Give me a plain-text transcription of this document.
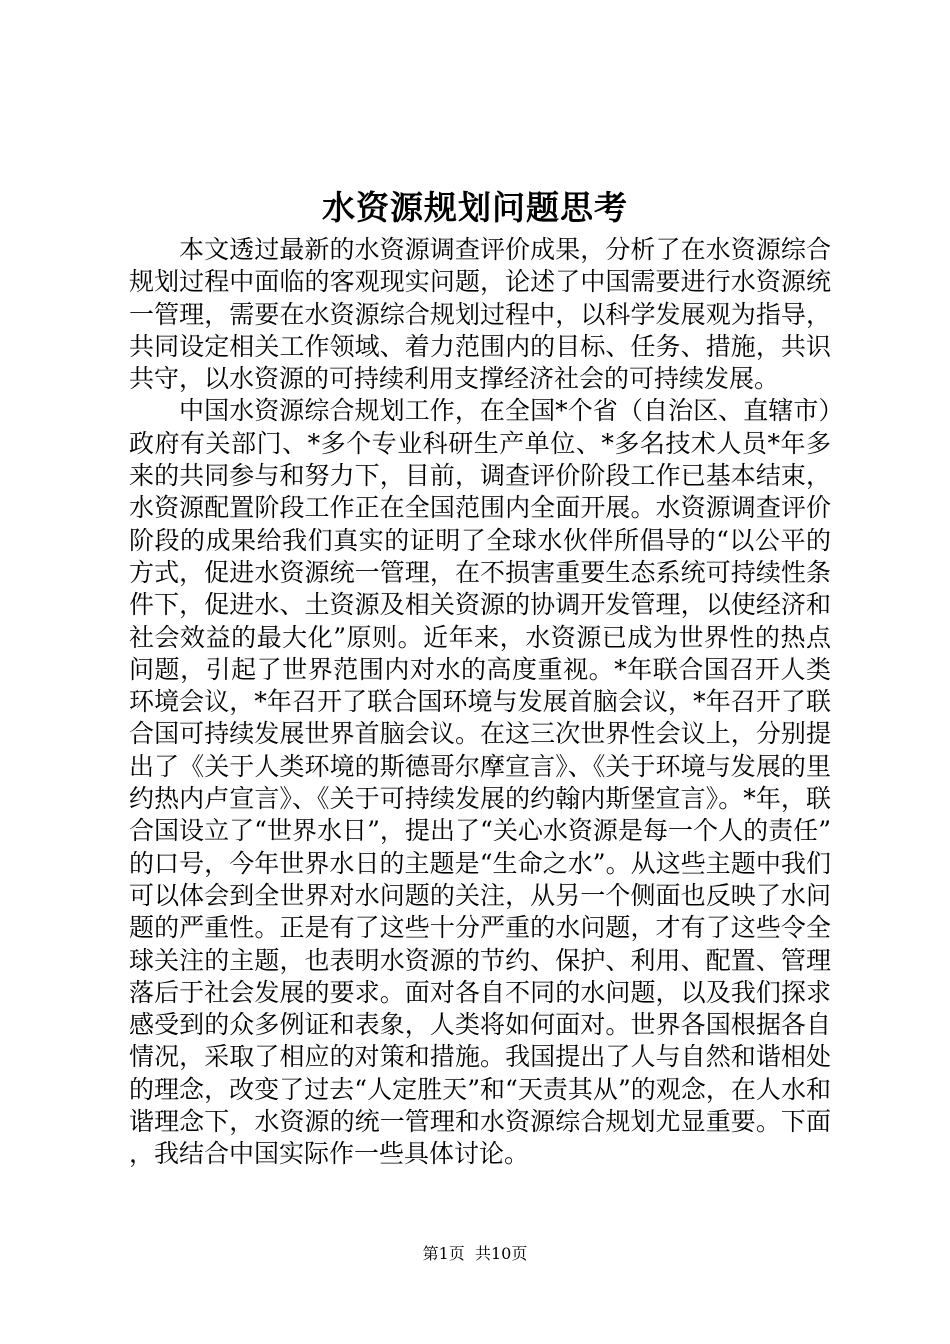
水资源规划问题思考

本文透过最新的水资源调查评价成果，分析了在水资源综合规划过程中面临的客观现实问题，论述了中国需要进行水资源统一管理，需要在水资源综合规划过程中，以科学发展观为指导，共同设定相关工作领域、着力范围内的目标、任务、措施，共识共守，以水资源的可持续利用支撑经济社会的可持续发展。

中国水资源综合规划工作，在全国*个省（自治区、直辖市）政府有关部门、*多个专业科研生产单位、*多名技术人员*年多来的共同参与和努力下，目前，调查评价阶段工作已基本结束，水资源配置阶段工作正在全国范围内全面开展。水资源调查评价阶段的成果给我们真实的证明了全球水伙伴所倡导的“以公平的方式，促进水资源统一管理，在不损害重要生态系统可持续性条件下，促进水、土资源及相关资源的协调开发管理，以使经济和社会效益的最大化”原则。近年来，水资源已成为世界性的热点问题，引起了世界范围内对水的高度重视。*年联合国召开人类环境会议，*年召开了联合国环境与发展首脑会议，*年召开了联合国可持续发展世界首脑会议。在这三次世界性会议上，分别提出了《关于人类环境的斯德哥尔摩宣言》、《关于环境与发展的里约热内卢宣言》、《关于可持续发展的约翰内斯堡宣言》。*年，联合国设立了“世界水日”，提出了“关心水资源是每一个人的责任”的口号，今年世界水日的主题是“生命之水”。从这些主题中我们可以体会到全世界对水问题的关注，从另一个侧面也反映了水问题的严重性。正是有了这些十分严重的水问题，才有了这些令全球关注的主题，也表明水资源的节约、保护、利用、配置、管理落后于社会发展的要求。面对各自不同的水问题，以及我们探求感受到的众多例证和表象，人类将如何面对。世界各国根据各自情况，采取了相应的对策和措施。我国提出了人与自然和谐相处的理念，改变了过去“人定胜天”和“天责其从”的观念，在人水和谐理念下，水资源的统一管理和水资源综合规划尤显重要。下面，我结合中国实际作一些具体讨论。

第1页 共10页
